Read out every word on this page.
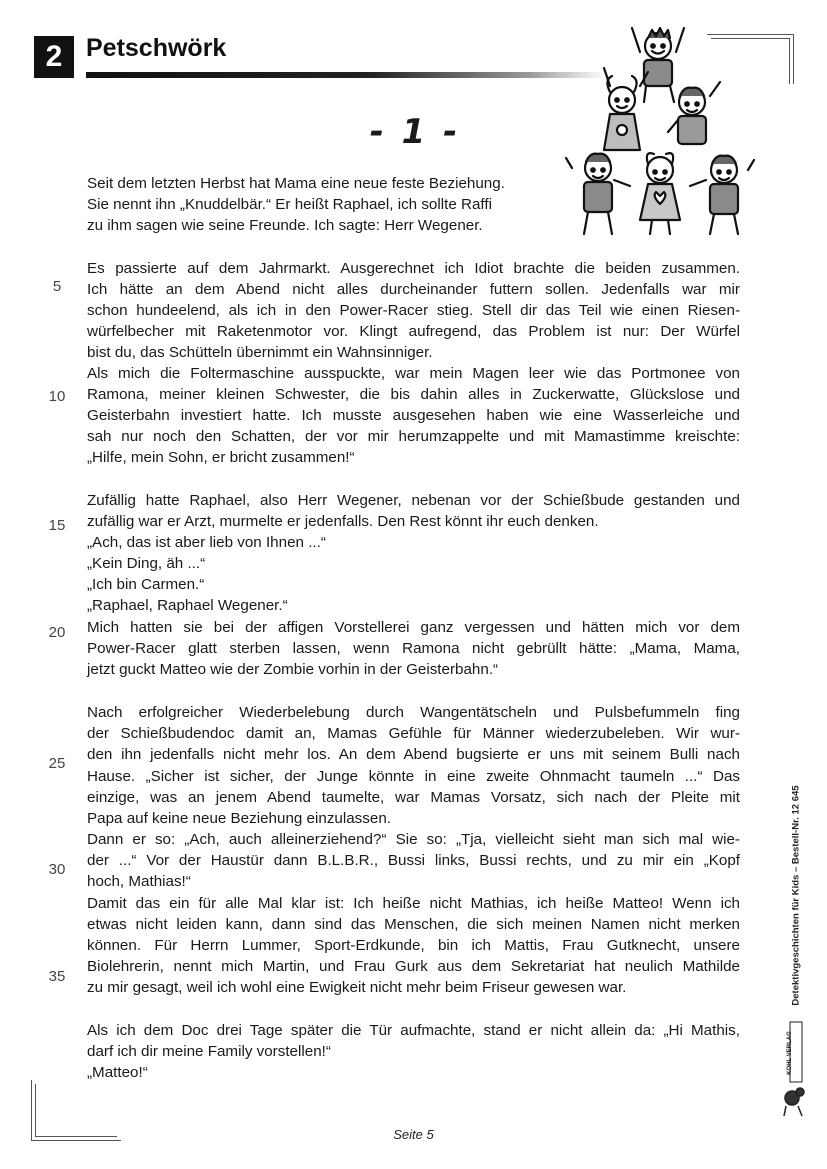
2 Petschwörk
- 1 -
Seit dem letzten Herbst hat Mama eine neue feste Beziehung.
Sie nennt ihn „Knuddelbär.“ Er heißt Raphael, ich sollte Raffi
zu ihm sagen wie seine Freunde. Ich sagte: Herr Wegener.
Es passierte auf dem Jahrmarkt. Ausgerechnet ich Idiot brachte die beiden zusammen.
Ich hätte an dem Abend nicht alles durcheinander futtern sollen. Jedenfalls war mir
schon hundeelend, als ich in den Power-Racer stieg. Stell dir das Teil wie einen Riesen-
würfelbecher mit Raketenmotor vor. Klingt aufregend, das Problem ist nur: Der Würfel
bist du, das Schütteln übernimmt ein Wahnsinniger.
Als mich die Foltermaschine ausspuckte, war mein Magen leer wie das Portmonee von
Ramona, meiner kleinen Schwester, die bis dahin alles in Zuckerwatte, Glückslose und
Geisterbahn investiert hatte. Ich musste ausgesehen haben wie eine Wasserleiche und
sah nur noch den Schatten, der vor mir herumzappelte und mit Mamastimme kreischte:
„Hilfe, mein Sohn, er bricht zusammen!“
Zufällig hatte Raphael, also Herr Wegener, nebenan vor der Schießbude gestanden und
zufällig war er Arzt, murmelte er jedenfalls. Den Rest könnt ihr euch denken.
„Ach, das ist aber lieb von Ihnen ...“
„Kein Ding, äh ...“
„Ich bin Carmen.“
„Raphael, Raphael Wegener.“
Mich hatten sie bei der affigen Vorstellerei ganz vergessen und hätten mich vor dem
Power-Racer glatt sterben lassen, wenn Ramona nicht gebrüllt hätte: „Mama, Mama,
jetzt guckt Matteo wie der Zombie vorhin in der Geisterbahn.“
Nach erfolgreicher Wiederbelebung durch Wangentätscheln und Pulsbefummeln fing
der Schießbudendoc damit an, Mamas Gefühle für Männer wiederzubeleben. Wir wur-
den ihn jedenfalls nicht mehr los. An dem Abend bugsierte er uns mit seinem Bulli nach
Hause. „Sicher ist sicher, der Junge könnte in eine zweite Ohnmacht taumeln ...“ Das
einzige, was an jenem Abend taumelte, war Mamas Vorsatz, sich nach der Pleite mit
Papa auf keine neue Beziehung einzulassen.
Dann er so: „Ach, auch alleinerziehend?“ Sie so: „Tja, vielleicht sieht man sich mal wie-
der ...“ Vor der Haustür dann B.L.B.R., Bussi links, Bussi rechts, und zu mir ein „Kopf
hoch, Mathias!“
Damit das ein für alle Mal klar ist: Ich heiße nicht Mathias, ich heiße Matteo! Wenn ich
etwas nicht leiden kann, dann sind das Menschen, die sich meinen Namen nicht merken
können. Für Herrn Lummer, Sport-Erdkunde, bin ich Mattis, Frau Gutknecht, unsere
Biolehrerin, nennt mich Martin, und Frau Gurk aus dem Sekretariat hat neulich Mathilde
zu mir gesagt, weil ich wohl eine Ewigkeit nicht mehr beim Friseur gewesen war.
Als ich dem Doc drei Tage später die Tür aufmachte, stand er nicht allein da: „Hi Mathis,
darf ich dir meine Family vorstellen!“
„Matteo!“
5
10
15
20
25
30
35	Detektivgeschichten für Kids – Bestell-Nr. 12 645
KOHL VERLAG
Seite 5
